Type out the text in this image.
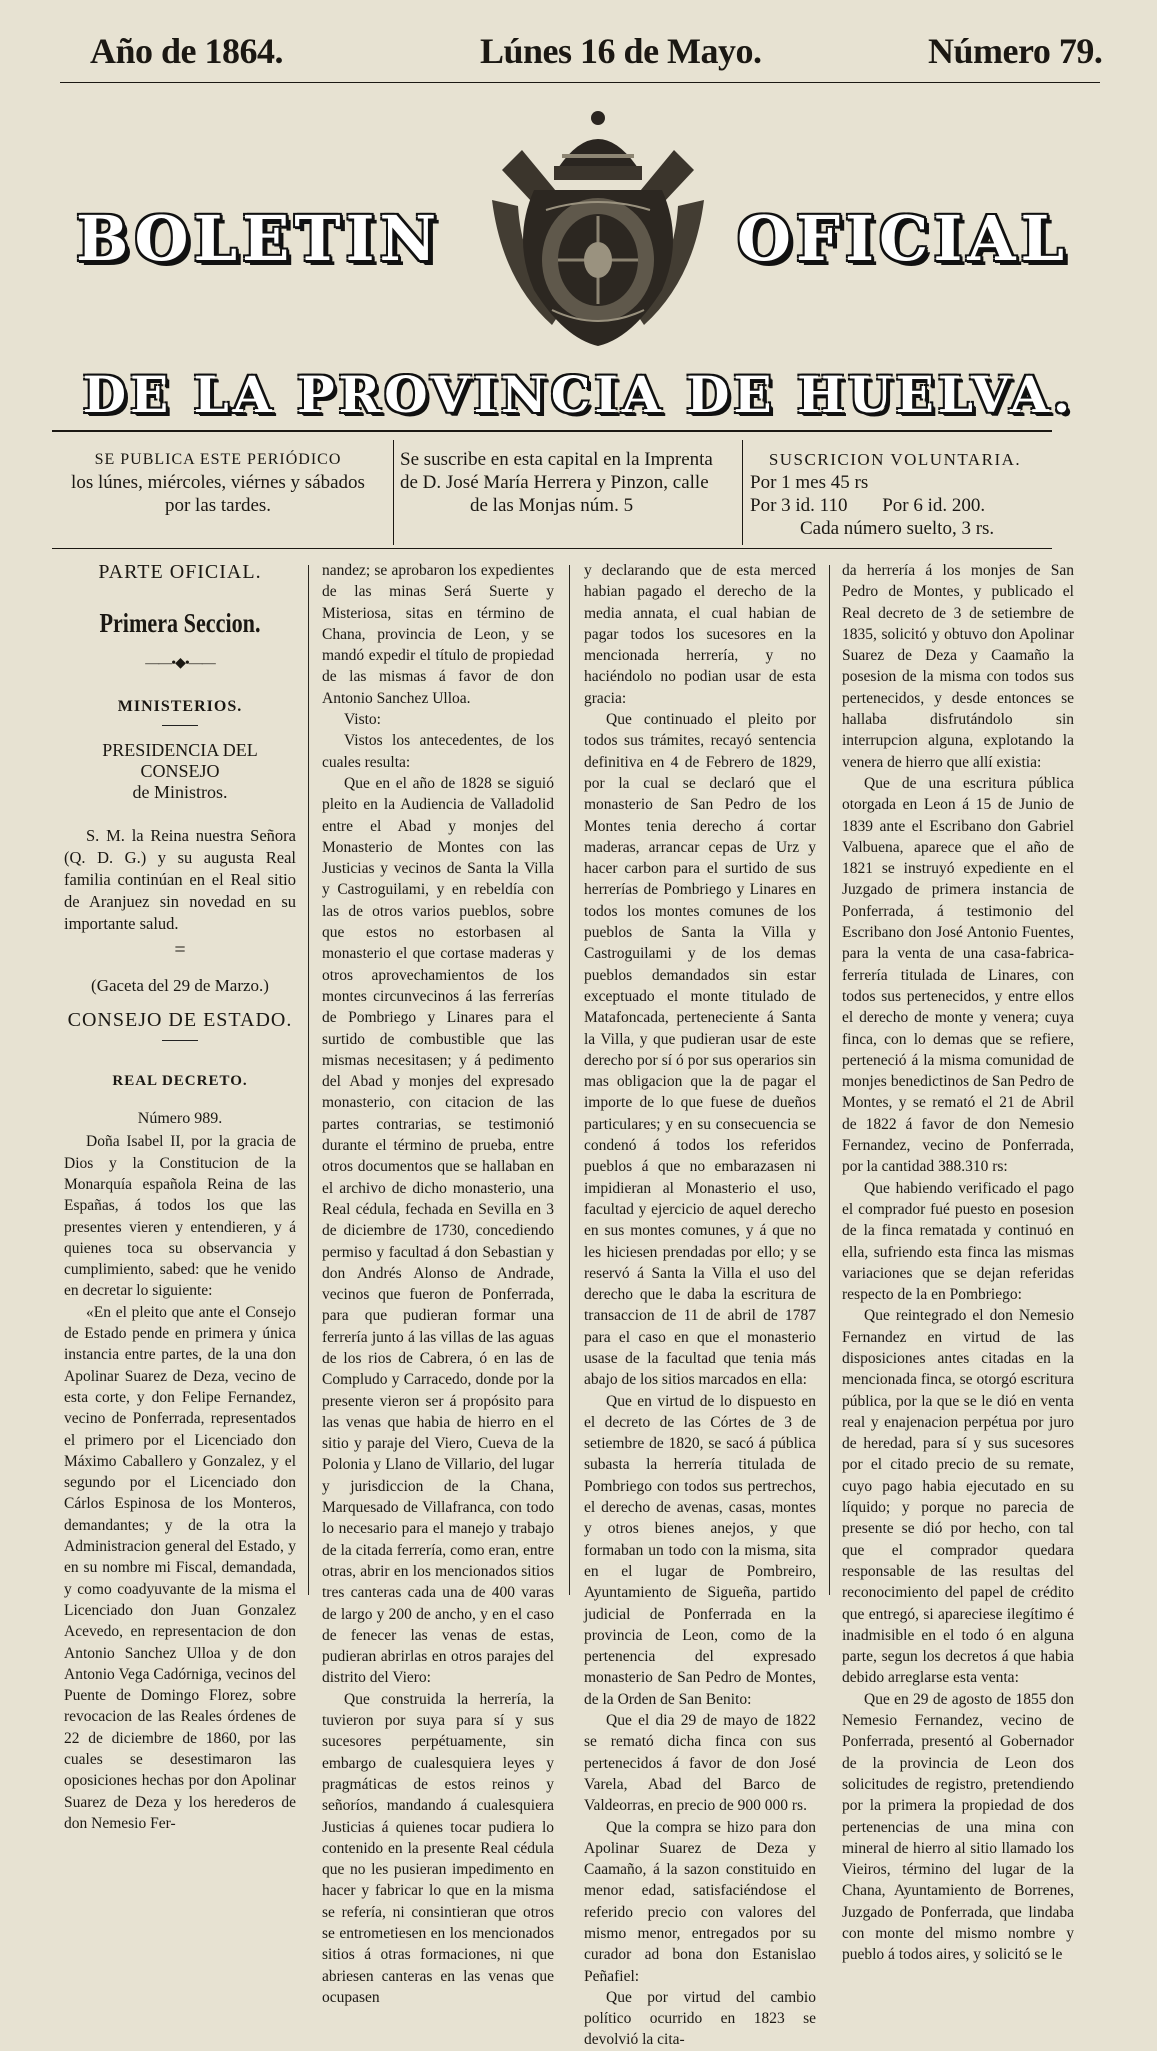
Año de 1864.	Lúnes 16 de Mayo.	Número 79.
BOLETIN	OFICIAL
DE LA PROVINCIA DE HUELVA.
SE PUBLICA ESTE PERIÓDICO
los lúnes, miércoles, viérnes y sábados
por las tardes.
Se suscribe en esta capital en la Imprenta
de D. José María Herrera y Pinzon, calle
de las Monjas núm. 5
SUSCRICION VOLUNTARIA.
Por 1 mes 45 rs
Por 3 id. 110 Por 6 id. 200.
Cada número suelto, 3 rs.

PARTE OFICIAL.

Primera Seccion.

——•◆•——

MINISTERIOS.

PRESIDENCIA DEL CONSEJO
de Ministros.

S. M. la Reina nuestra Señora (Q. D. G.) y su augusta Real familia continúan en el Real sitio de Aranjuez sin novedad en su importante salud.

=

(Gaceta del 29 de Marzo.)

CONSEJO DE ESTADO.

REAL DECRETO.

Número 989.

Doña Isabel II, por la gracia de Dios y la Constitucion de la Monarquía española Reina de las Españas, á todos los que las presentes vieren y entendieren, y á quienes toca su observancia y cumplimiento, sabed: que he venido en decretar lo siguiente:

«En el pleito que ante el Consejo de Estado pende en primera y única instancia entre partes, de la una don Apolinar Suarez de Deza, vecino de esta corte, y don Felipe Fernandez, vecino de Ponferrada, representados el primero por el Licenciado don Máximo Caballero y Gonzalez, y el segundo por el Licenciado don Cárlos Espinosa de los Monteros, demandantes; y de la otra la Administracion general del Estado, y en su nombre mi Fiscal, demandada, y como coadyuvante de la misma el Licenciado don Juan Gonzalez Acevedo, en representacion de don Antonio Sanchez Ulloa y de don Antonio Vega Cadórniga, vecinos del Puente de Domingo Florez, sobre revocacion de las Reales órdenes de 22 de diciembre de 1860, por las cuales se desestimaron las oposiciones hechas por don Apolinar Suarez de Deza y los herederos de don Nemesio Fer-

nandez; se aprobaron los expedientes de las minas Será Suerte y Misteriosa, sitas en término de Chana, provincia de Leon, y se mandó expedir el título de propiedad de las mismas á favor de don Antonio Sanchez Ulloa.

Visto:

Vistos los antecedentes, de los cuales resulta:

Que en el año de 1828 se siguió pleito en la Audiencia de Valladolid entre el Abad y monjes del Monasterio de Montes con las Justicias y vecinos de Santa la Villa y Castroguilami, y en rebeldía con las de otros varios pueblos, sobre que estos no estorbasen al monasterio el que cortase maderas y otros aprovechamientos de los montes circunvecinos á las ferrerías de Pombriego y Linares para el surtido de combustible que las mismas necesitasen; y á pedimento del Abad y monjes del expresado monasterio, con citacion de las partes contrarias, se testimonió durante el término de prueba, entre otros documentos que se hallaban en el archivo de dicho monasterio, una Real cédula, fechada en Sevilla en 3 de diciembre de 1730, concediendo permiso y facultad á don Sebastian y don Andrés Alonso de Andrade, vecinos que fueron de Ponferrada, para que pudieran formar una ferrería junto á las villas de las aguas de los rios de Cabrera, ó en las de Compludo y Carracedo, donde por la presente vieron ser á propósito para las venas que habia de hierro en el sitio y paraje del Viero, Cueva de la Polonia y Llano de Villario, del lugar y jurisdiccion de la Chana, Marquesado de Villafranca, con todo lo necesario para el manejo y trabajo de la citada ferrería, como eran, entre otras, abrir en los mencionados sitios tres canteras cada una de 400 varas de largo y 200 de ancho, y en el caso de fenecer las venas de estas, pudieran abrirlas en otros parajes del distrito del Viero:

Que construida la herrería, la tuvieron por suya para sí y sus sucesores perpétuamente, sin embargo de cualesquiera leyes y pragmáticas de estos reinos y señoríos, mandando á cualesquiera Justicias á quienes tocar pudiera lo contenido en la presente Real cédula que no les pusieran impedimento en hacer y fabricar lo que en la misma se refería, ni consintieran que otros se entrometiesen en los mencionados sitios á otras formaciones, ni que abriesen canteras en las venas que ocupasen

y declarando que de esta merced habian pagado el derecho de la media annata, el cual habian de pagar todos los sucesores en la mencionada herrería, y no haciéndolo no podian usar de esta gracia:

Que continuado el pleito por todos sus trámites, recayó sentencia definitiva en 4 de Febrero de 1829, por la cual se declaró que el monasterio de San Pedro de los Montes tenia derecho á cortar maderas, arrancar cepas de Urz y hacer carbon para el surtido de sus herrerías de Pombriego y Linares en todos los montes comunes de los pueblos de Santa la Villa y Castroguilami y de los demas pueblos demandados sin estar exceptuado el monte titulado de Matafoncada, perteneciente á Santa la Villa, y que pudieran usar de este derecho por sí ó por sus operarios sin mas obligacion que la de pagar el importe de lo que fuese de dueños particulares; y en su consecuencia se condenó á todos los referidos pueblos á que no embarazasen ni impidieran al Monasterio el uso, facultad y ejercicio de aquel derecho en sus montes comunes, y á que no les hiciesen prendadas por ello; y se reservó á Santa la Villa el uso del derecho que le daba la escritura de transaccion de 11 de abril de 1787 para el caso en que el monasterio usase de la facultad que tenia más abajo de los sitios marcados en ella:

Que en virtud de lo dispuesto en el decreto de las Córtes de 3 de setiembre de 1820, se sacó á pública subasta la herrería titulada de Pombriego con todos sus pertrechos, el derecho de avenas, casas, montes y otros bienes anejos, y que formaban un todo con la misma, sita en el lugar de Pombreiro, Ayuntamiento de Sigueña, partido judicial de Ponferrada en la provincia de Leon, como de la pertenencia del expresado monasterio de San Pedro de Montes, de la Orden de San Benito:

Que el dia 29 de mayo de 1822 se remató dicha finca con sus pertenecidos á favor de don José Varela, Abad del Barco de Valdeorras, en precio de 900 000 rs.

Que la compra se hizo para don Apolinar Suarez de Deza y Caamaño, á la sazon constituido en menor edad, satisfaciéndose el referido precio con valores del mismo menor, entregados por su curador ad bona don Estanislao Peñafiel:

Que por virtud del cambio político ocurrido en 1823 se devolvió la cita-

da herrería á los monjes de San Pedro de Montes, y publicado el Real decreto de 3 de setiembre de 1835, solicitó y obtuvo don Apolinar Suarez de Deza y Caamaño la posesion de la misma con todos sus pertenecidos, y desde entonces se hallaba disfrutándolo sin interrupcion alguna, explotando la venera de hierro que allí existia:

Que de una escritura pública otorgada en Leon á 15 de Junio de 1839 ante el Escribano don Gabriel Valbuena, aparece que el año de 1821 se instruyó expediente en el Juzgado de primera instancia de Ponferrada, á testimonio del Escribano don José Antonio Fuentes, para la venta de una casa-fabrica-ferrería titulada de Linares, con todos sus pertenecidos, y entre ellos el derecho de monte y venera; cuya finca, con lo demas que se refiere, perteneció á la misma comunidad de monjes benedictinos de San Pedro de Montes, y se remató el 21 de Abril de 1822 á favor de don Nemesio Fernandez, vecino de Ponferrada, por la cantidad 388.310 rs:

Que habiendo verificado el pago el comprador fué puesto en posesion de la finca rematada y continuó en ella, sufriendo esta finca las mismas variaciones que se dejan referidas respecto de la en Pombriego:

Que reintegrado el don Nemesio Fernandez en virtud de las disposiciones antes citadas en la mencionada finca, se otorgó escritura pública, por la que se le dió en venta real y enajenacion perpétua por juro de heredad, para sí y sus sucesores por el citado precio de su remate, cuyo pago habia ejecutado en su líquido; y porque no parecia de presente se dió por hecho, con tal que el comprador quedara responsable de las resultas del reconocimiento del papel de crédito que entregó, si apareciese ilegítimo é inadmisible en el todo ó en alguna parte, segun los decretos á que habia debido arreglarse esta venta:

Que en 29 de agosto de 1855 don Nemesio Fernandez, vecino de Ponferrada, presentó al Gobernador de la provincia de Leon dos solicitudes de registro, pretendiendo por la primera la propiedad de dos pertenencias de una mina con mineral de hierro al sitio llamado los Vieiros, término del lugar de la Chana, Ayuntamiento de Borrenes, Juzgado de Ponferrada, que lindaba con monte del mismo nombre y pueblo á todos aires, y solicitó se le
